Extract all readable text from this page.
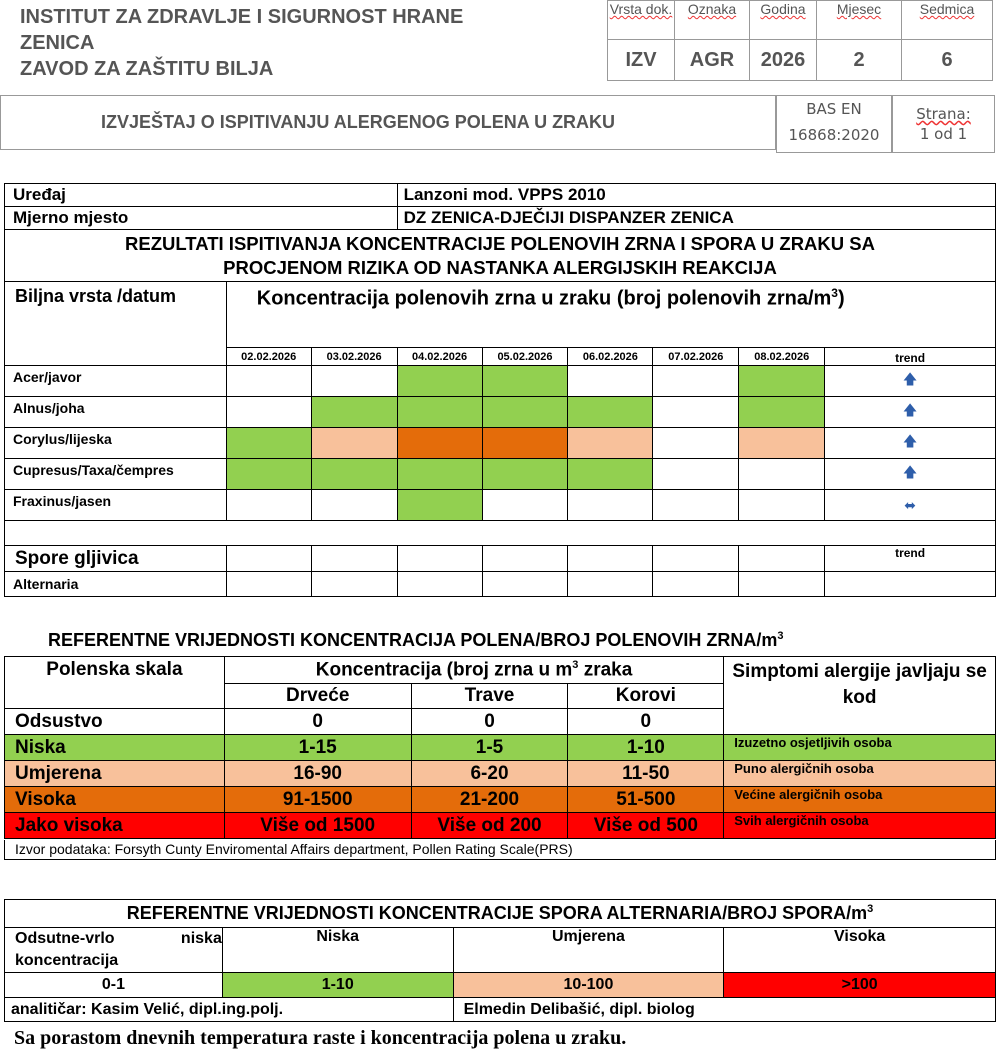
INSTITUT ZA ZDRAVLJE I SIGURNOST HRANE
ZENICA
ZAVOD ZA ZAŠTITU BILJA
Vrsta dok.	Oznaka	Godina	Mjesec	Sedmica
IZV	AGR	2026	2	6
IZVJEŠTAJ O ISPITIVANJU ALERGENOG POLENA U ZRAKU
BAS EN
16868:2020
Strana:
1 od 1
Uređaj			Lanzoni mod. VPPS 2010					
Mjerno mjesto			DZ ZENICA-DJEČIJI DISPANZER ZENICA					

REZULTATI ISPITIVANJA KONCENTRACIJE POLENOVIH ZRNA I SPORA U ZRAKU SA
PROCJENOM RIZIKA OD NASTANKA ALERGIJSKIH REAKCIJA								

Biljna vrsta /datum	Koncentracija polenovih zrna u zraku (broj polenovih zrna/$m^3$)							
	02.02.2026	03.02.2026	04.02.2026	05.02.2026	06.02.2026	07.02.2026	08.02.2026	trend
Acer/javor								🡅
Alnus/joha								🡅
Corylus/lijeska								🡅
Cupresus/Taxa/čempres								🡅
Fraxinus/jasen								⬌

Spore gljivica								trend
Alternaria								
REFERENTNE VRIJEDNOSTI KONCENTRACIJA POLENA/BROJ POLENOVIH ZRNA/$m^3$
Polenska skala	Koncentracija (broj zrna u $m^3$ zraka			Simptomi alergije javljaju se kod
	Drveće	Trave	Korovi	
Odsustvo	0	0	0	
Niska	1-15	1-5	1-10	Izuzetno osjetljivih osoba
Umjerena	16-90	6-20	11-50	Puno alergičnih osoba
Visoka	91-1500	21-200	51-500	Većine alergičnih osoba
Jako visoka	Više od 1500	Više od 200	Više od 500	Svih alergičnih osoba
Izvor podataka: Forsyth Cunty Enviromental Affairs department, Pollen Rating Scale(PRS)
REFERENTNE VRIJEDNOSTI KONCENTRACIJE SPORA ALTERNARIA/BROJ SPORA/$m^3$
Odsutne-vrlo niska koncentracija	Niska	Umjerena	Visoka
0-1	1-10	10-100	>100
analitičar: Kasim Velić, dipl.ing.polj.		Elmedin Delibašić, dipl. biolog	
Sa porastom dnevnih temperatura raste i koncentracija polena u zraku.
